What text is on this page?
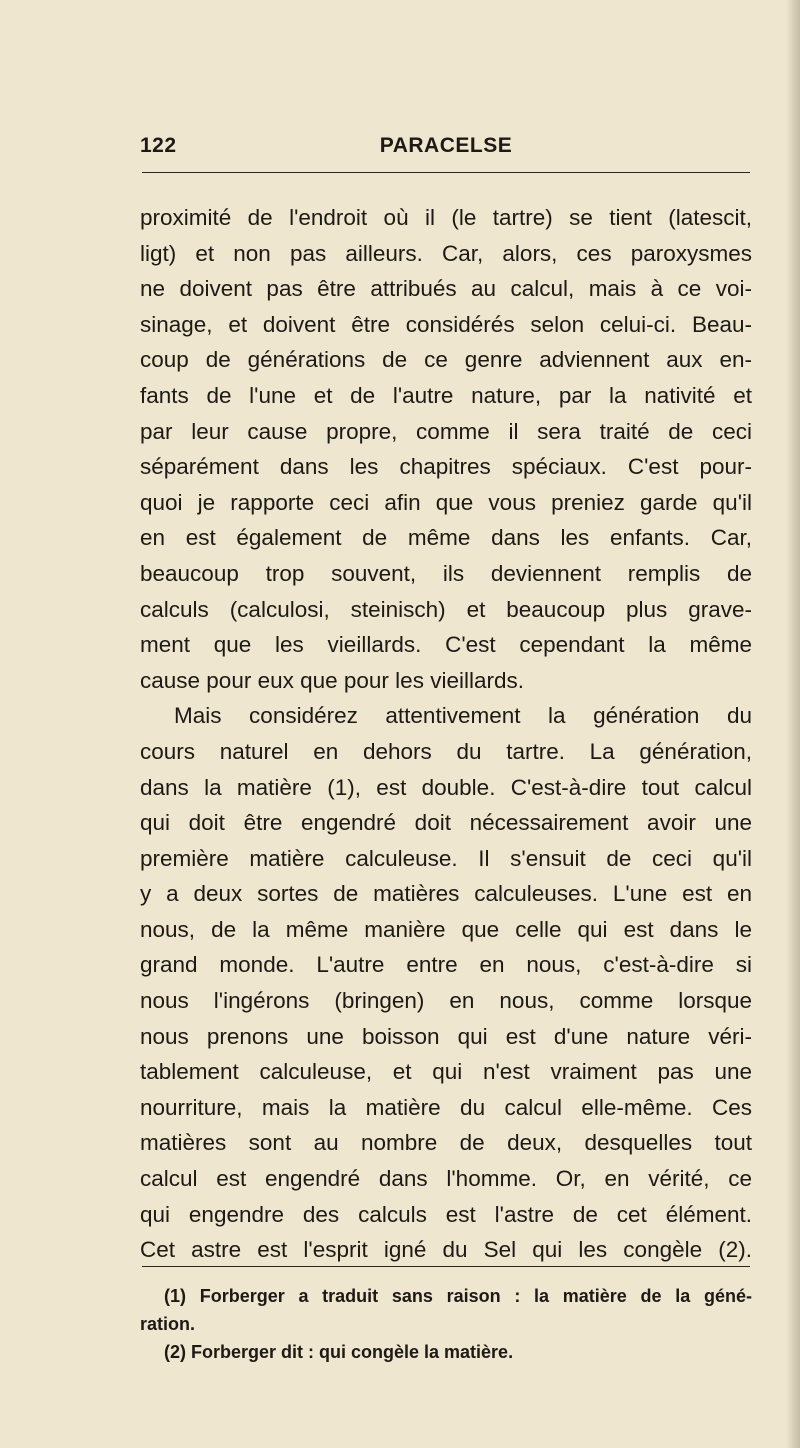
122	PARACELSE
proximité de l'endroit où il (le tartre) se tient (latescit,
ligt) et non pas ailleurs. Car, alors, ces paroxysmes
ne doivent pas être attribués au calcul, mais à ce voi-
sinage, et doivent être considérés selon celui-ci. Beau-
coup de générations de ce genre adviennent aux en-
fants de l'une et de l'autre nature, par la nativité et
par leur cause propre, comme il sera traité de ceci
séparément dans les chapitres spéciaux. C'est pour-
quoi je rapporte ceci afin que vous preniez garde qu'il
en est également de même dans les enfants. Car,
beaucoup trop souvent, ils deviennent remplis de
calculs (calculosi, steinisch) et beaucoup plus grave-
ment que les vieillards. C'est cependant la même
cause pour eux que pour les vieillards.
Mais considérez attentivement la génération du
cours naturel en dehors du tartre. La génération,
dans la matière (1), est double. C'est-à-dire tout calcul
qui doit être engendré doit nécessairement avoir une
première matière calculeuse. Il s'ensuit de ceci qu'il
y a deux sortes de matières calculeuses. L'une est en
nous, de la même manière que celle qui est dans le
grand monde. L'autre entre en nous, c'est-à-dire si
nous l'ingérons (bringen) en nous, comme lorsque
nous prenons une boisson qui est d'une nature véri-
tablement calculeuse, et qui n'est vraiment pas une
nourriture, mais la matière du calcul elle-même. Ces
matières sont au nombre de deux, desquelles tout
calcul est engendré dans l'homme. Or, en vérité, ce
qui engendre des calculs est l'astre de cet élément.
Cet astre est l'esprit igné du Sel qui les congèle (2).
(1) Forberger a traduit sans raison : la matière de la géné-
ration.
(2) Forberger dit : qui congèle la matière.
